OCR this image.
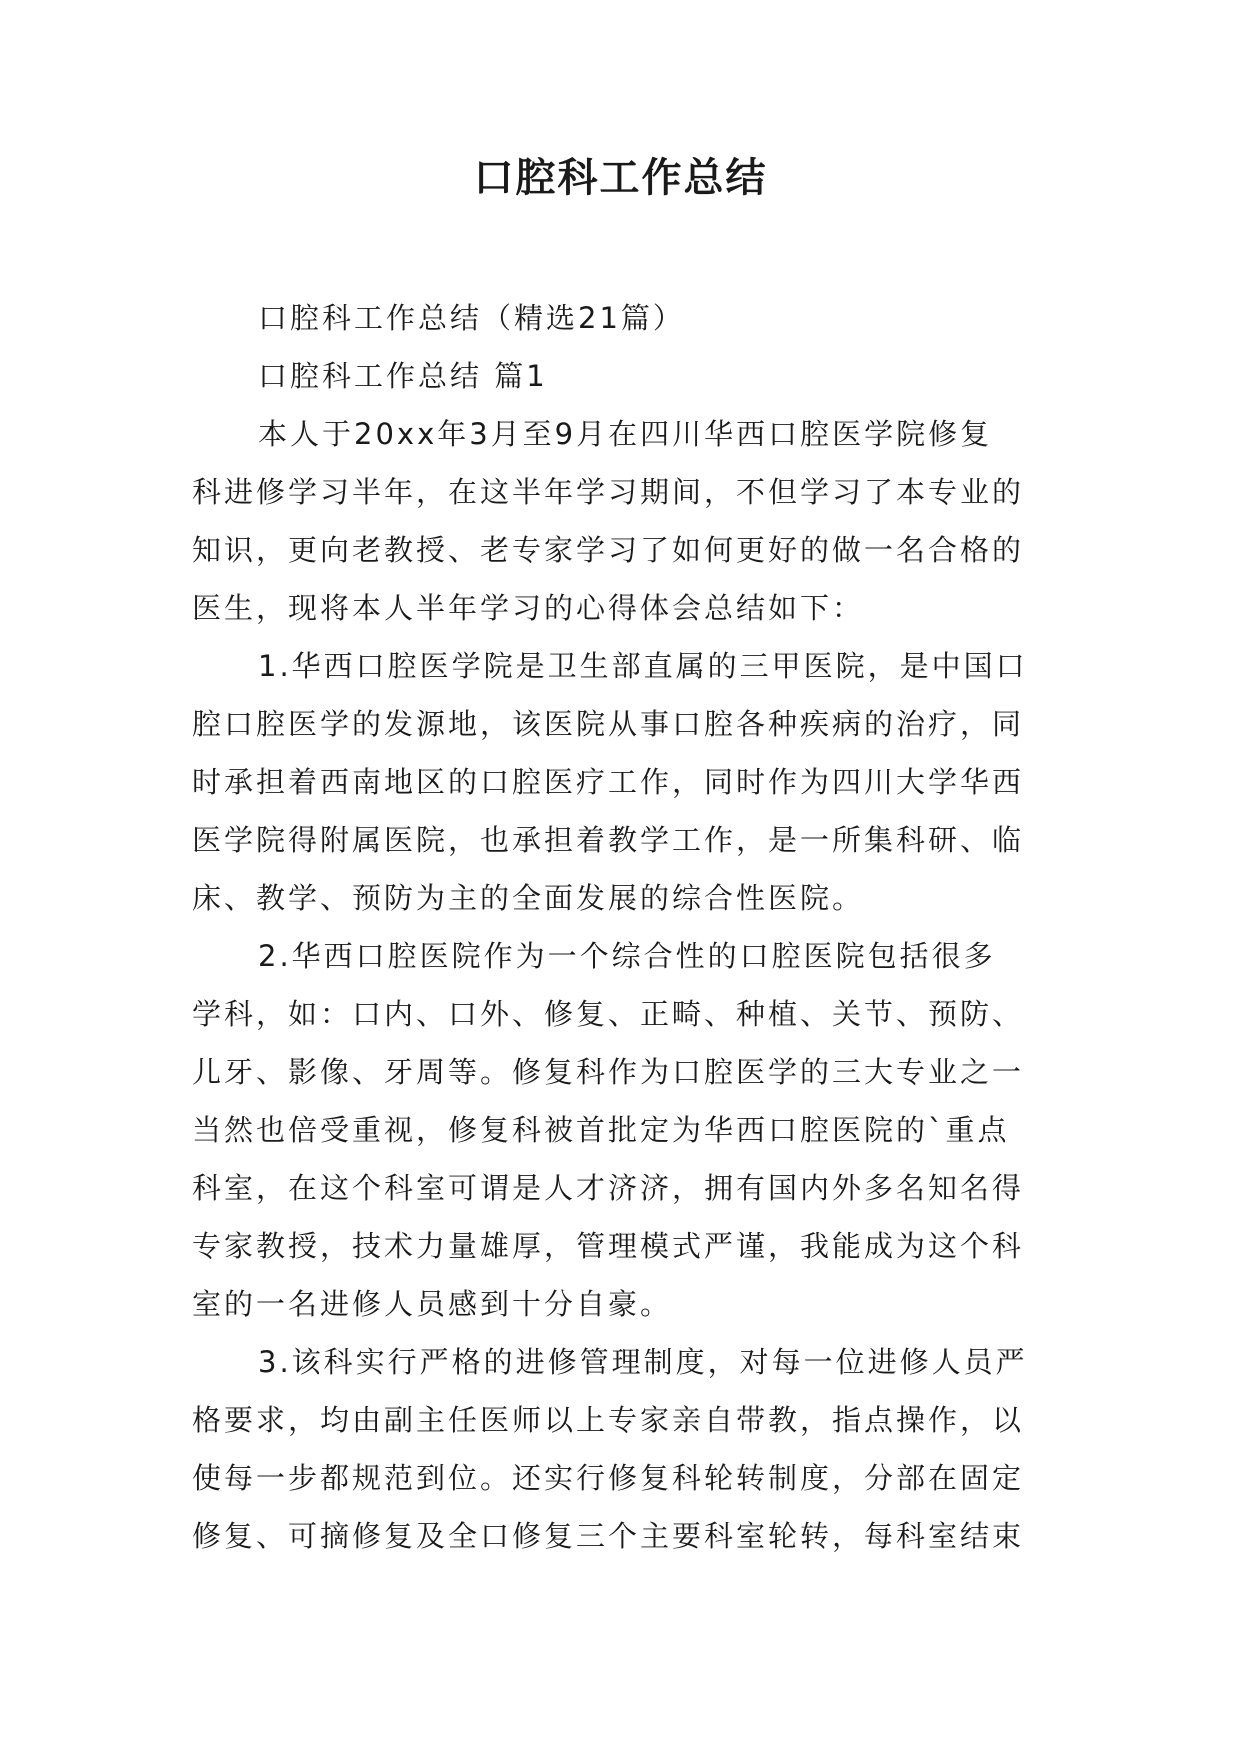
口腔科工作总结
口腔科工作总结（精选21篇）
口腔科工作总结 篇1
本人于20xx年3月至9月在四川华西口腔医学院修复
科进修学习半年，在这半年学习期间，不但学习了本专业的
知识，更向老教授、老专家学习了如何更好的做一名合格的
医生，现将本人半年学习的心得体会总结如下：
1.华西口腔医学院是卫生部直属的三甲医院，是中国口
腔口腔医学的发源地，该医院从事口腔各种疾病的治疗，同
时承担着西南地区的口腔医疗工作，同时作为四川大学华西
医学院得附属医院，也承担着教学工作，是一所集科研、临
床、教学、预防为主的全面发展的综合性医院。
2.华西口腔医院作为一个综合性的口腔医院包括很多
学科，如：口内、口外、修复、正畸、种植、关节、预防、
儿牙、影像、牙周等。修复科作为口腔医学的三大专业之一
当然也倍受重视，修复科被首批定为华西口腔医院的`重点
科室，在这个科室可谓是人才济济，拥有国内外多名知名得
专家教授，技术力量雄厚，管理模式严谨，我能成为这个科
室的一名进修人员感到十分自豪。
3.该科实行严格的进修管理制度，对每一位进修人员严
格要求，均由副主任医师以上专家亲自带教，指点操作，以
使每一步都规范到位。还实行修复科轮转制度，分部在固定
修复、可摘修复及全口修复三个主要科室轮转，每科室结束
